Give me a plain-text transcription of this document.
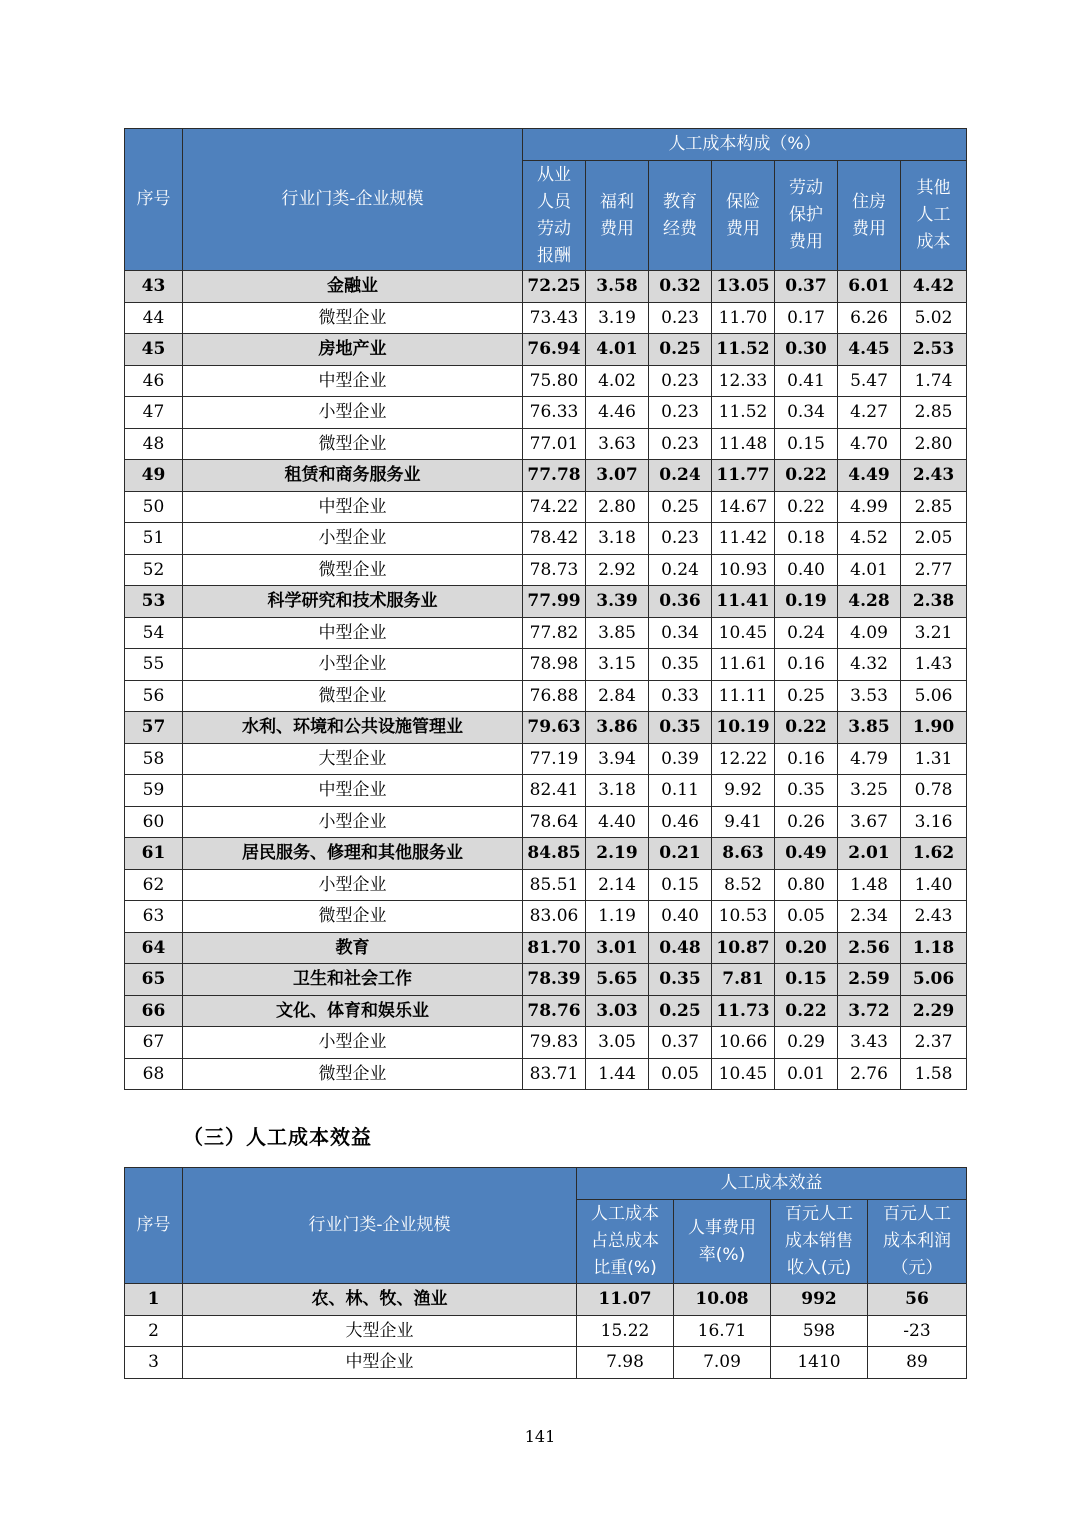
序号	行业门类-企业规模	人工成本构成（%）						
		从业人员劳动报酬	福利费用	教育经费	保险费用	劳动保护费用	住房费用	其他人工成本
43	金融业	72.25	3.58	0.32	13.05	0.37	6.01	4.42
44	微型企业	73.43	3.19	0.23	11.70	0.17	6.26	5.02
45	房地产业	76.94	4.01	0.25	11.52	0.30	4.45	2.53
46	中型企业	75.80	4.02	0.23	12.33	0.41	5.47	1.74
47	小型企业	76.33	4.46	0.23	11.52	0.34	4.27	2.85
48	微型企业	77.01	3.63	0.23	11.48	0.15	4.70	2.80
49	租赁和商务服务业	77.78	3.07	0.24	11.77	0.22	4.49	2.43
50	中型企业	74.22	2.80	0.25	14.67	0.22	4.99	2.85
51	小型企业	78.42	3.18	0.23	11.42	0.18	4.52	2.05
52	微型企业	78.73	2.92	0.24	10.93	0.40	4.01	2.77
53	科学研究和技术服务业	77.99	3.39	0.36	11.41	0.19	4.28	2.38
54	中型企业	77.82	3.85	0.34	10.45	0.24	4.09	3.21
55	小型企业	78.98	3.15	0.35	11.61	0.16	4.32	1.43
56	微型企业	76.88	2.84	0.33	11.11	0.25	3.53	5.06
57	水利、环境和公共设施管理业	79.63	3.86	0.35	10.19	0.22	3.85	1.90
58	大型企业	77.19	3.94	0.39	12.22	0.16	4.79	1.31
59	中型企业	82.41	3.18	0.11	9.92	0.35	3.25	0.78
60	小型企业	78.64	4.40	0.46	9.41	0.26	3.67	3.16
61	居民服务、修理和其他服务业	84.85	2.19	0.21	8.63	0.49	2.01	1.62
62	小型企业	85.51	2.14	0.15	8.52	0.80	1.48	1.40
63	微型企业	83.06	1.19	0.40	10.53	0.05	2.34	2.43
64	教育	81.70	3.01	0.48	10.87	0.20	2.56	1.18
65	卫生和社会工作	78.39	5.65	0.35	7.81	0.15	2.59	5.06
66	文化、体育和娱乐业	78.76	3.03	0.25	11.73	0.22	3.72	2.29
67	小型企业	79.83	3.05	0.37	10.66	0.29	3.43	2.37
68	微型企业	83.71	1.44	0.05	10.45	0.01	2.76	1.58
（三）人工成本效益
序号	行业门类-企业规模	人工成本效益			
		人工成本占总成本比重(%)	人事费用率(%)	百元人工成本销售收入(元)	百元人工成本利润（元）
1	农、林、牧、渔业	11.07	10.08	992	56
2	大型企业	15.22	16.71	598	-23
3	中型企业	7.98	7.09	1410	89
141
